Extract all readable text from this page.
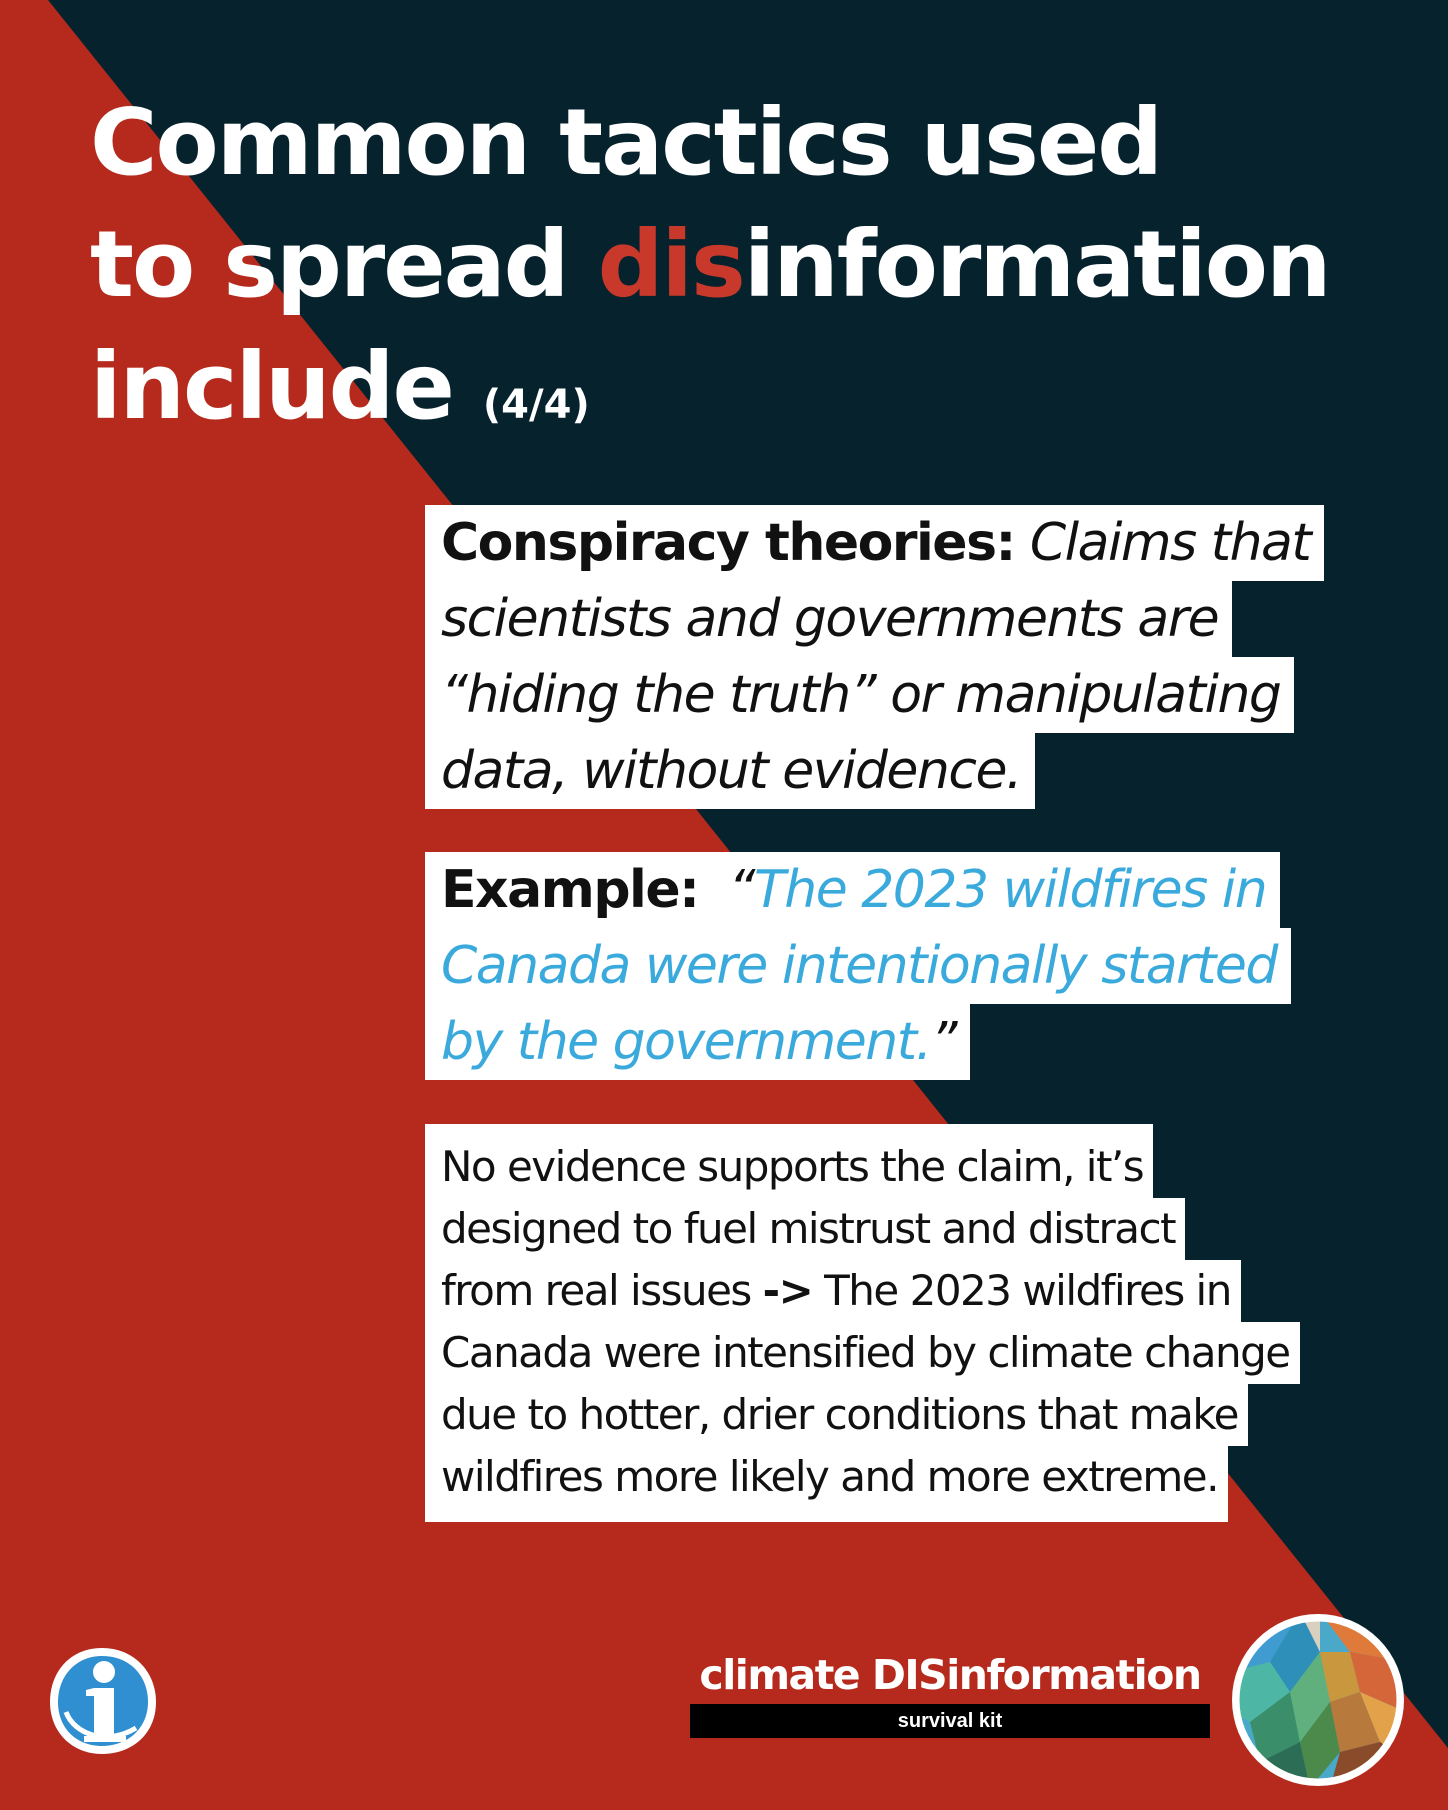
Common tactics used
to spread disinformation
include (4/4)
Conspiracy theories: Claims that
scientists and governments are
“hiding the truth” or manipulating
data, without evidence.
Example: “The 2023 wildfires in
Canada were intentionally started
by the government.”
No evidence supports the claim, it’s
designed to fuel mistrust and distract
from real issues -> The 2023 wildfires in
Canada were intensified by climate change
due to hotter, drier conditions that make
wildfires more likely and more extreme.
climate DISinformation
survival kit
